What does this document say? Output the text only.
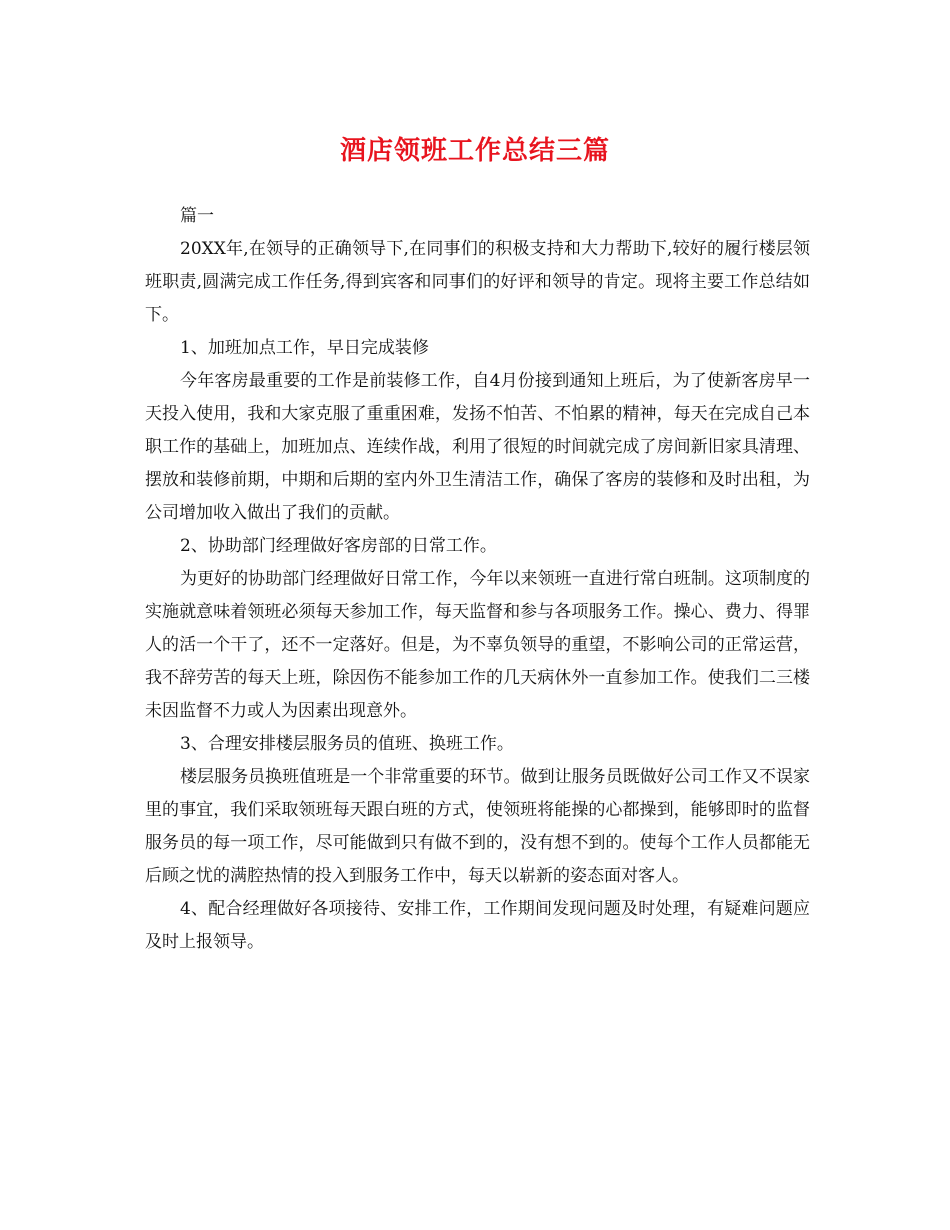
酒店领班工作总结三篇

篇一

20XX年,在领导的正确领导下,在同事们的积极支持和大力帮助下,较好的履行楼层领班职责,圆满完成工作任务,得到宾客和同事们的好评和领导的肯定。现将主要工作总结如下。

1、加班加点工作，早日完成装修

今年客房最重要的工作是前装修工作，自4月份接到通知上班后，为了使新客房早一天投入使用，我和大家克服了重重困难，发扬不怕苦、不怕累的精神，每天在完成自己本职工作的基础上，加班加点、连续作战，利用了很短的时间就完成了房间新旧家具清理、摆放和装修前期，中期和后期的室内外卫生清洁工作，确保了客房的装修和及时出租，为公司增加收入做出了我们的贡献。

2、协助部门经理做好客房部的日常工作。

为更好的协助部门经理做好日常工作，今年以来领班一直进行常白班制。这项制度的实施就意味着领班必须每天参加工作，每天监督和参与各项服务工作。操心、费力、得罪人的活一个干了，还不一定落好。但是，为不辜负领导的重望，不影响公司的正常运营，我不辞劳苦的每天上班，除因伤不能参加工作的几天病休外一直参加工作。使我们二三楼未因监督不力或人为因素出现意外。

3、合理安排楼层服务员的值班、换班工作。

楼层服务员换班值班是一个非常重要的环节。做到让服务员既做好公司工作又不误家里的事宜，我们采取领班每天跟白班的方式，使领班将能操的心都操到，能够即时的监督服务员的每一项工作，尽可能做到只有做不到的，没有想不到的。使每个工作人员都能无后顾之忧的满腔热情的投入到服务工作中，每天以崭新的姿态面对客人。

4、配合经理做好各项接待、安排工作，工作期间发现问题及时处理，有疑难问题应及时上报领导。
